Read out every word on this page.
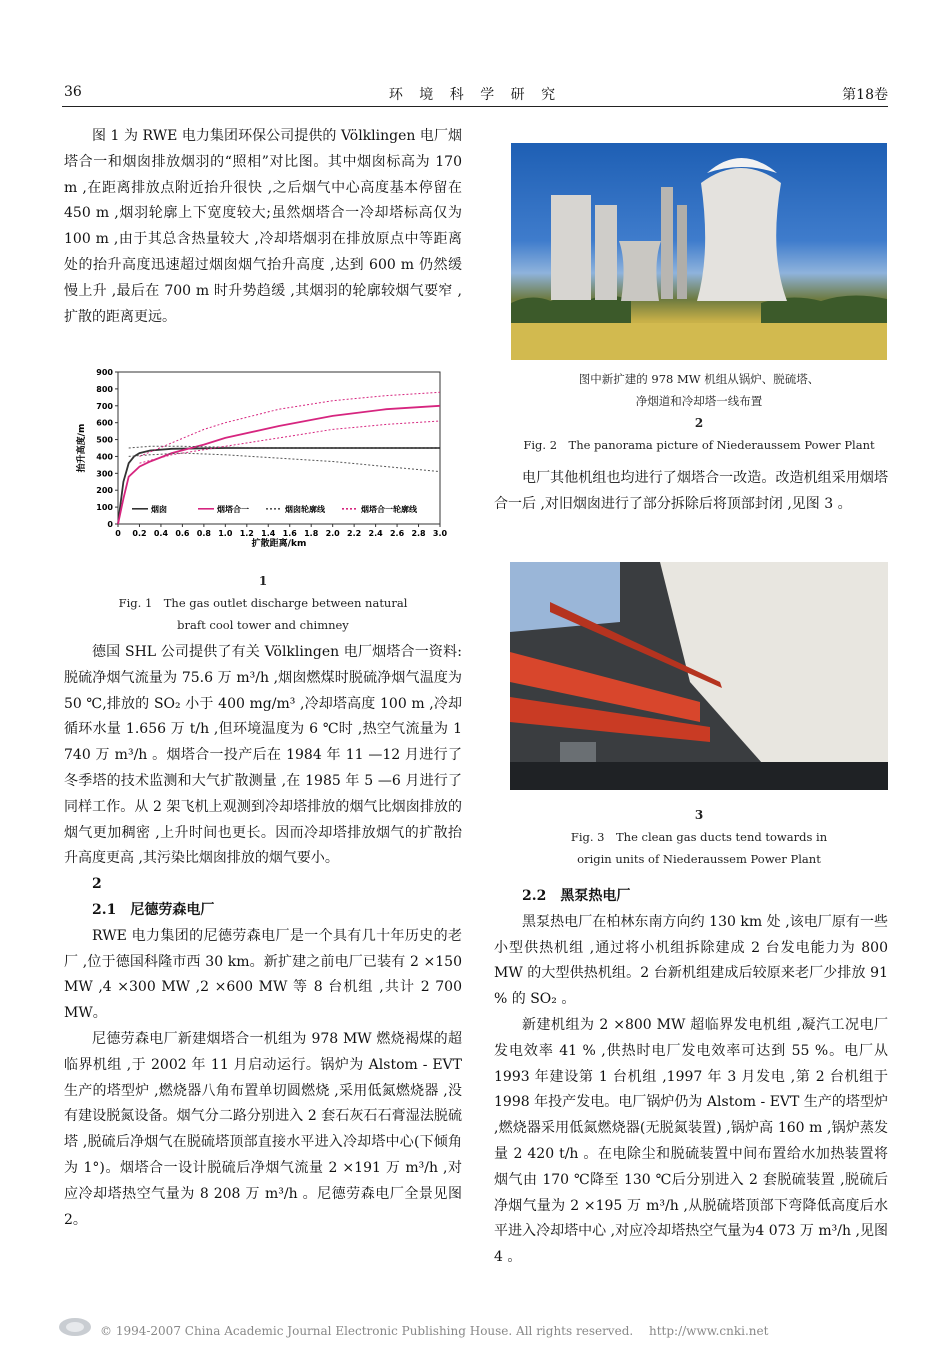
36	环 境 科 学 研 究	第18卷

图 1 为 RWE 电力集团环保公司提供的 Völklingen 电厂烟塔合一和烟囱排放烟羽的“照相”对比图。其中烟囱标高为 170 m ,在距离排放点附近抬升很快 ,之后烟气中心高度基本停留在 450 m ,烟羽轮廓上下宽度较大;虽然烟塔合一冷却塔标高仅为 100 m ,由于其总含热量较大 ,冷却塔烟羽在排放原点中等距离处的抬升高度迅速超过烟囱烟气抬升高度 ,达到 600 m 仍然缓慢上升 ,最后在 700 m 时升势趋缓 ,其烟羽的轮廓较烟气要窄 ,扩散的距离更远。

0
100
200
300
400
500
600
700
800
900
0 0.2 0.4 0.6 0.8 1.0 1.2 1.4 1.6 1.8 2.0 2.2 2.4 2.6 2.8 3.0
扩散距离/km
抬升高度/m
烟囱	烟塔合一	烟囱轮廓线	烟塔合一轮廓线
1
Fig. 1　The gas outlet discharge between natural
braft cool tower and chimney

德国 SHL 公司提供了有关 Völklingen 电厂烟塔合一资料:脱硫净烟气流量为 75.6 万 m³/h ,烟囱燃煤时脱硫净烟气温度为 50 ℃,排放的 SO₂ 小于 400 mg/m³ ,冷却塔高度 100 m ,冷却循环水量 1.656 万 t/h ,但环境温度为 6 ℃时 ,热空气流量为 1 740 万 m³/h 。烟塔合一投产后在 1984 年 11 —12 月进行了冬季塔的技术监测和大气扩散测量 ,在 1985 年 5 —6 月进行了同样工作。从 2 架飞机上观测到冷却塔排放的烟气比烟囱排放的烟气更加稠密 ,上升时间也更长。因而冷却塔排放烟气的扩散抬升高度更高 ,其污染比烟囱排放的烟气要小。

2

2.1　尼德劳森电厂

RWE 电力集团的尼德劳森电厂是一个具有几十年历史的老厂 ,位于德国科隆市西 30 km。新扩建之前电厂已装有 2 ×150 MW ,4 ×300 MW ,2 ×600 MW 等 8 台机组 ,共计 2 700 MW。

尼德劳森电厂新建烟塔合一机组为 978 MW 燃烧褐煤的超临界机组 ,于 2002 年 11 月启动运行。锅炉为 Alstom - EVT 生产的塔型炉 ,燃烧器八角布置单切圆燃烧 ,采用低氮燃烧器 ,没有建设脱氮设备。烟气分二路分别进入 2 套石灰石石膏湿法脱硫塔 ,脱硫后净烟气在脱硫塔顶部直接水平进入冷却塔中心(下倾角为 1°)。烟塔合一设计脱硫后净烟气流量 2 ×191 万 m³/h ,对应冷却塔热空气量为 8 208 万 m³/h 。尼德劳森电厂全景见图 2。

图中新扩建的 978 MW 机组从锅炉、脱硫塔、
净烟道和冷却塔一线布置
2
Fig. 2　The panorama picture of Niederaussem Power Plant

电厂其他机组也均进行了烟塔合一改造。改造机组采用烟塔合一后 ,对旧烟囱进行了部分拆除后将顶部封闭 ,见图 3 。

3
Fig. 3　The clean gas ducts tend towards in
origin units of Niederaussem Power Plant

2.2　黑泵热电厂

黑泵热电厂在柏林东南方向约 130 km 处 ,该电厂原有一些小型供热机组 ,通过将小机组拆除建成 2 台发电能力为 800 MW 的大型供热机组。2 台新机组建成后较原来老厂少排放 91 % 的 SO₂ 。

新建机组为 2 ×800 MW 超临界发电机组 ,凝汽工况电厂发电效率 41 % ,供热时电厂发电效率可达到 55 %。电厂从 1993 年建设第 1 台机组 ,1997 年 3 月发电 ,第 2 台机组于 1998 年投产发电。电厂锅炉仍为 Alstom - EVT 生产的塔型炉 ,燃烧器采用低氮燃烧器(无脱氮装置) ,锅炉高 160 m ,锅炉蒸发量 2 420 t/h 。在电除尘和脱硫装置中间布置给水加热装置将烟气由 170 ℃降至 130 ℃后分别进入 2 套脱硫装置 ,脱硫后净烟气量为 2 ×195 万 m³/h ,从脱硫塔顶部下弯降低高度后水平进入冷却塔中心 ,对应冷却塔热空气量为4 073 万 m³/h ,见图 4 。

© 1994-2007 China Academic Journal Electronic Publishing House. All rights reserved.　 http://www.cnki.net
